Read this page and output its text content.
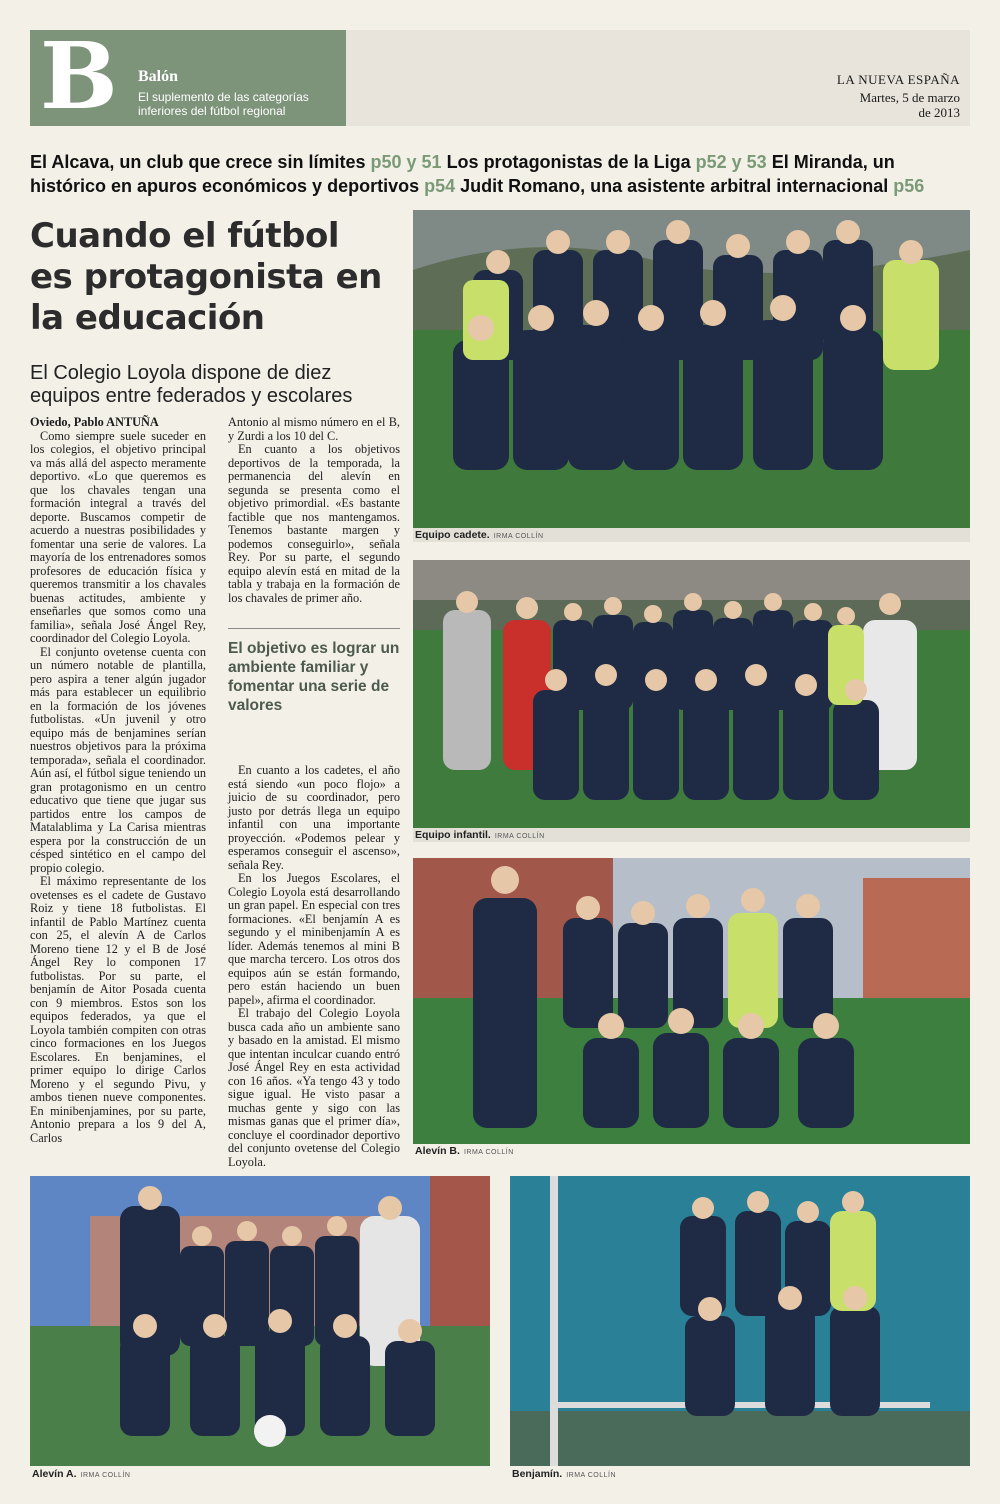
B Balón
El suplemento de las categorías inferiores del fútbol regional
LA NUEVA ESPAÑA
Martes, 5 de marzo
de 2013
El Alcava, un club que crece sin límites p50 y 51 Los protagonistas de la Liga p52 y 53 El Miranda, un histórico en apuros económicos y deportivos p54 Judit Romano, una asistente arbitral internacional p56
Cuando el fútbol es protagonista en la educación
El Colegio Loyola dispone de diez equipos entre federados y escolares

Oviedo, Pablo ANTUÑA

Como siempre suele suceder en los colegios, el objetivo principal va más allá del aspecto meramente deportivo. «Lo que queremos es que los chavales tengan una formación integral a través del deporte. Buscamos competir de acuerdo a nuestras posibilidades y fomentar una serie de valores. La mayoría de los entrenadores somos profesores de educación física y queremos transmitir a los chavales buenas actitudes, ambiente y enseñarles que somos como una familia», señala José Ángel Rey, coordinador del Colegio Loyola.

El conjunto ovetense cuenta con un número notable de plantilla, pero aspira a tener algún jugador más para establecer un equilibrio en la formación de los jóvenes futbolistas. «Un juvenil y otro equipo más de benjamines serían nuestros objetivos para la próxima temporada», señala el coordinador. Aún así, el fútbol sigue teniendo un gran protagonismo en un centro educativo que tiene que jugar sus partidos entre los campos de Matalablima y La Carisa mientras espera por la construcción de un césped sintético en el campo del propio colegio.

El máximo representante de los ovetenses es el cadete de Gustavo Roiz y tiene 18 futbolistas. El infantil de Pablo Martínez cuenta con 25, el alevín A de Carlos Moreno tiene 12 y el B de José Ángel Rey lo componen 17 futbolistas. Por su parte, el benjamín de Aitor Posada cuenta con 9 miembros. Estos son los equipos federados, ya que el Loyola también compiten con otras cinco formaciones en los Juegos Escolares. En benjamines, el primer equipo lo dirige Carlos Moreno y el segundo Pivu, y ambos tienen nueve componentes. En minibenjamines, por su parte, Antonio prepara a los 9 del A, Carlos

Antonio al mismo número en el B, y Zurdi a los 10 del C.

En cuanto a los objetivos deportivos de la temporada, la permanencia del alevín en segunda se presenta como el objetivo primordial. «Es bastante factible que nos mantengamos. Tenemos bastante margen y podemos conseguirlo», señala Rey. Por su parte, el segundo equipo alevín está en mitad de la tabla y trabaja en la formación de los chavales de primer año.

El objetivo es lograr un ambiente familiar y fomentar una serie de valores

En cuanto a los cadetes, el año está siendo «un poco flojo» a juicio de su coordinador, pero justo por detrás llega un equipo infantil con una importante proyección. «Podemos pelear y esperamos conseguir el ascenso», señala Rey.

En los Juegos Escolares, el Colegio Loyola está desarrollando un gran papel. En especial con tres formaciones. «El benjamín A es segundo y el minibenjamín A es líder. Además tenemos al mini B que marcha tercero. Los otros dos equipos aún se están formando, pero están haciendo un buen papel», afirma el coordinador.

El trabajo del Colegio Loyola busca cada año un ambiente sano y basado en la amistad. El mismo que intentan inculcar cuando entró José Ángel Rey en esta actividad con 16 años. «Ya tengo 43 y todo sigue igual. He visto pasar a muchas gente y sigo con las mismas ganas que el primer día», concluye el coordinador deportivo del conjunto ovetense del Colegio Loyola.

Equipo cadete. IRMA COLLÍN
Equipo infantil. IRMA COLLÍN
Alevín B. IRMA COLLÍN
Alevín A. IRMA COLLÍN	Benjamín. IRMA COLLÍN
